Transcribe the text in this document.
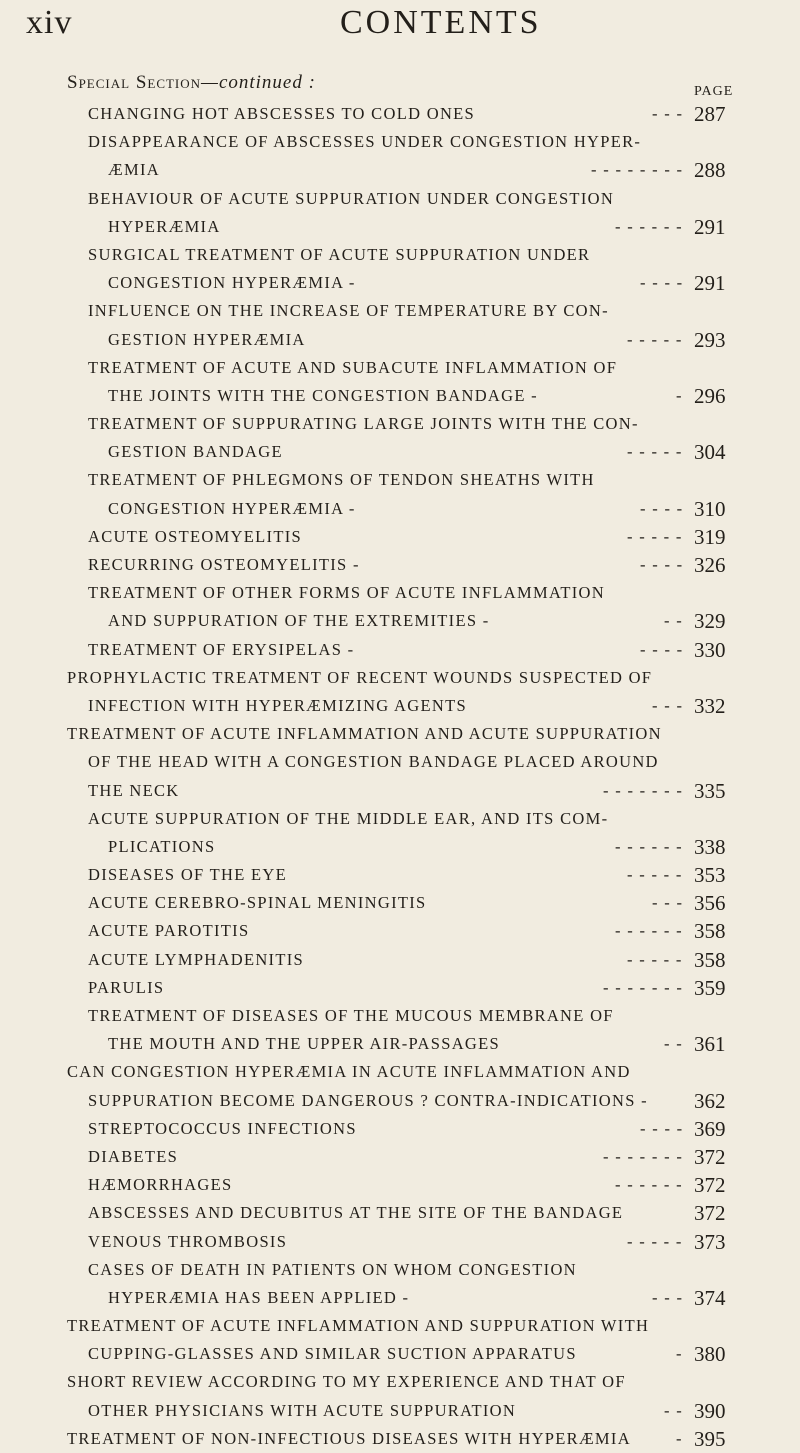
xiv	CONTENTS
Special Section—continued :	PAGE
CHANGING HOT ABSCESSES TO COLD ONES	- - - 287
DISAPPEARANCE OF ABSCESSES UNDER CONGESTION HYPER-
ÆMIA	- - - - - - - - 288
BEHAVIOUR OF ACUTE SUPPURATION UNDER CONGESTION
HYPERÆMIA	- - - - - - 291
SURGICAL TREATMENT OF ACUTE SUPPURATION UNDER
CONGESTION HYPERÆMIA -	- - - - 291
INFLUENCE ON THE INCREASE OF TEMPERATURE BY CON-
GESTION HYPERÆMIA	- - - - - 293
TREATMENT OF ACUTE AND SUBACUTE INFLAMMATION OF
THE JOINTS WITH THE CONGESTION BANDAGE -	- 296
TREATMENT OF SUPPURATING LARGE JOINTS WITH THE CON-
GESTION BANDAGE	- - - - - 304
TREATMENT OF PHLEGMONS OF TENDON SHEATHS WITH
CONGESTION HYPERÆMIA -	- - - - 310
ACUTE OSTEOMYELITIS	- - - - - 319
RECURRING OSTEOMYELITIS -	- - - - 326
TREATMENT OF OTHER FORMS OF ACUTE INFLAMMATION
AND SUPPURATION OF THE EXTREMITIES -	- - 329
TREATMENT OF ERYSIPELAS -	- - - - 330
PROPHYLACTIC TREATMENT OF RECENT WOUNDS SUSPECTED OF
INFECTION WITH HYPERÆMIZING AGENTS	- - - 332
TREATMENT OF ACUTE INFLAMMATION AND ACUTE SUPPURATION
OF THE HEAD WITH A CONGESTION BANDAGE PLACED AROUND
THE NECK	- - - - - - - 335
ACUTE SUPPURATION OF THE MIDDLE EAR, AND ITS COM-
PLICATIONS	- - - - - - 338
DISEASES OF THE EYE	- - - - - 353
ACUTE CEREBRO-SPINAL MENINGITIS	- - - 356
ACUTE PAROTITIS	- - - - - - 358
ACUTE LYMPHADENITIS	- - - - - 358
PARULIS	- - - - - - - 359
TREATMENT OF DISEASES OF THE MUCOUS MEMBRANE OF
THE MOUTH AND THE UPPER AIR-PASSAGES	- - 361
CAN CONGESTION HYPERÆMIA IN ACUTE INFLAMMATION AND
SUPPURATION BECOME DANGEROUS ? CONTRA-INDICATIONS - 362
STREPTOCOCCUS INFECTIONS	- - - - 369
DIABETES	- - - - - - - 372
HÆMORRHAGES	- - - - - - 372
ABSCESSES AND DECUBITUS AT THE SITE OF THE BANDAGE	372
VENOUS THROMBOSIS	- - - - - 373
CASES OF DEATH IN PATIENTS ON WHOM CONGESTION
HYPERÆMIA HAS BEEN APPLIED -	- - - 374
TREATMENT OF ACUTE INFLAMMATION AND SUPPURATION WITH
CUPPING-GLASSES AND SIMILAR SUCTION APPARATUS	- 380
SHORT REVIEW ACCORDING TO MY EXPERIENCE AND THAT OF
OTHER PHYSICIANS WITH ACUTE SUPPURATION	- - 390
TREATMENT OF NON-INFECTIOUS DISEASES WITH HYPERÆMIA	- 395
